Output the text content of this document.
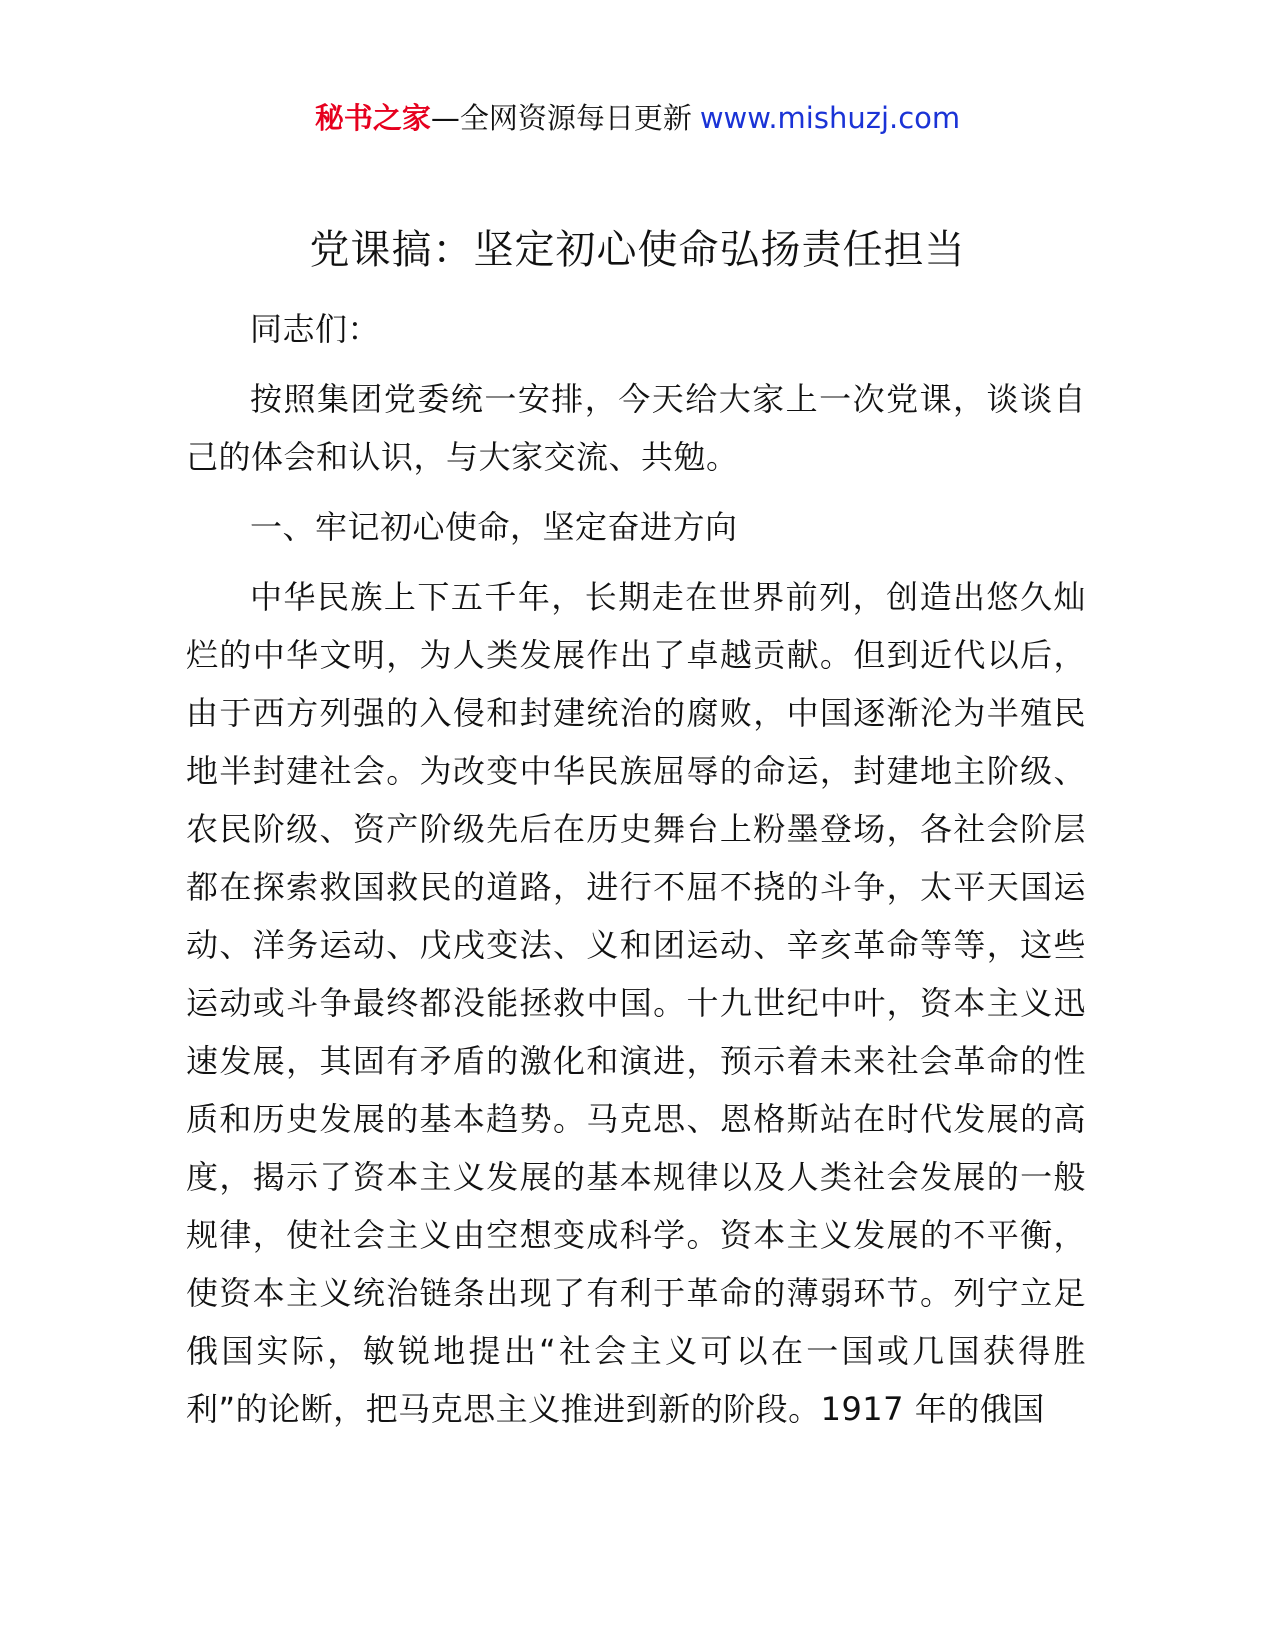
秘书之家—全网资源每日更新 www.mishuzj.com
党课搞：坚定初心使命弘扬责任担当

同志们：

按照集团党委统一安排，今天给大家上一次党课，谈谈自己的体会和认识，与大家交流、共勉。

一、牢记初心使命，坚定奋进方向

中华民族上下五千年，长期走在世界前列，创造出悠久灿烂的中华文明，为人类发展作出了卓越贡献。但到近代以后，由于西方列强的入侵和封建统治的腐败，中国逐渐沦为半殖民地半封建社会。为改变中华民族屈辱的命运，封建地主阶级、农民阶级、资产阶级先后在历史舞台上粉墨登场，各社会阶层都在探索救国救民的道路，进行不屈不挠的斗争，太平天国运动、洋务运动、戊戌变法、义和团运动、辛亥革命等等，这些运动或斗争最终都没能拯救中国。十九世纪中叶，资本主义迅速发展，其固有矛盾的激化和演进，预示着未来社会革命的性质和历史发展的基本趋势。马克思、恩格斯站在时代发展的高度，揭示了资本主义发展的基本规律以及人类社会发展的一般规律，使社会主义由空想变成科学。资本主义发展的不平衡，使资本主义统治链条出现了有利于革命的薄弱环节。列宁立足俄国实际，敏锐地提出“社会主义可以在一国或几国获得胜利”的论断，把马克思主义推进到新的阶段。1917 年的俄国
